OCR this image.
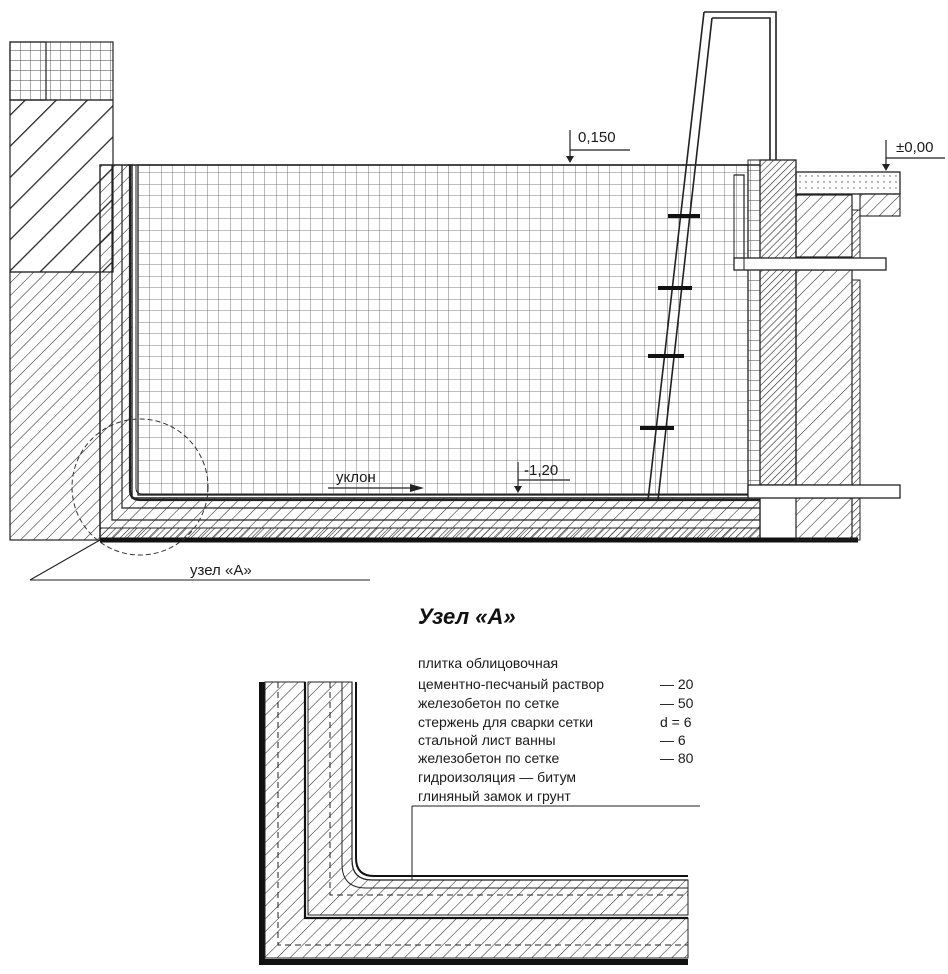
0,150
±0,00
-1,20
уклон
узел «А»
Узел «А»
плитка облицовочная
цементно-песчаный раствор	— 20
железобетон по сетке	— 50
стержень для сварки сетки	d = 6
стальной лист ванны	— 6
железобетон по сетке	— 80
гидроизоляция — битум
глиняный замок и грунт
